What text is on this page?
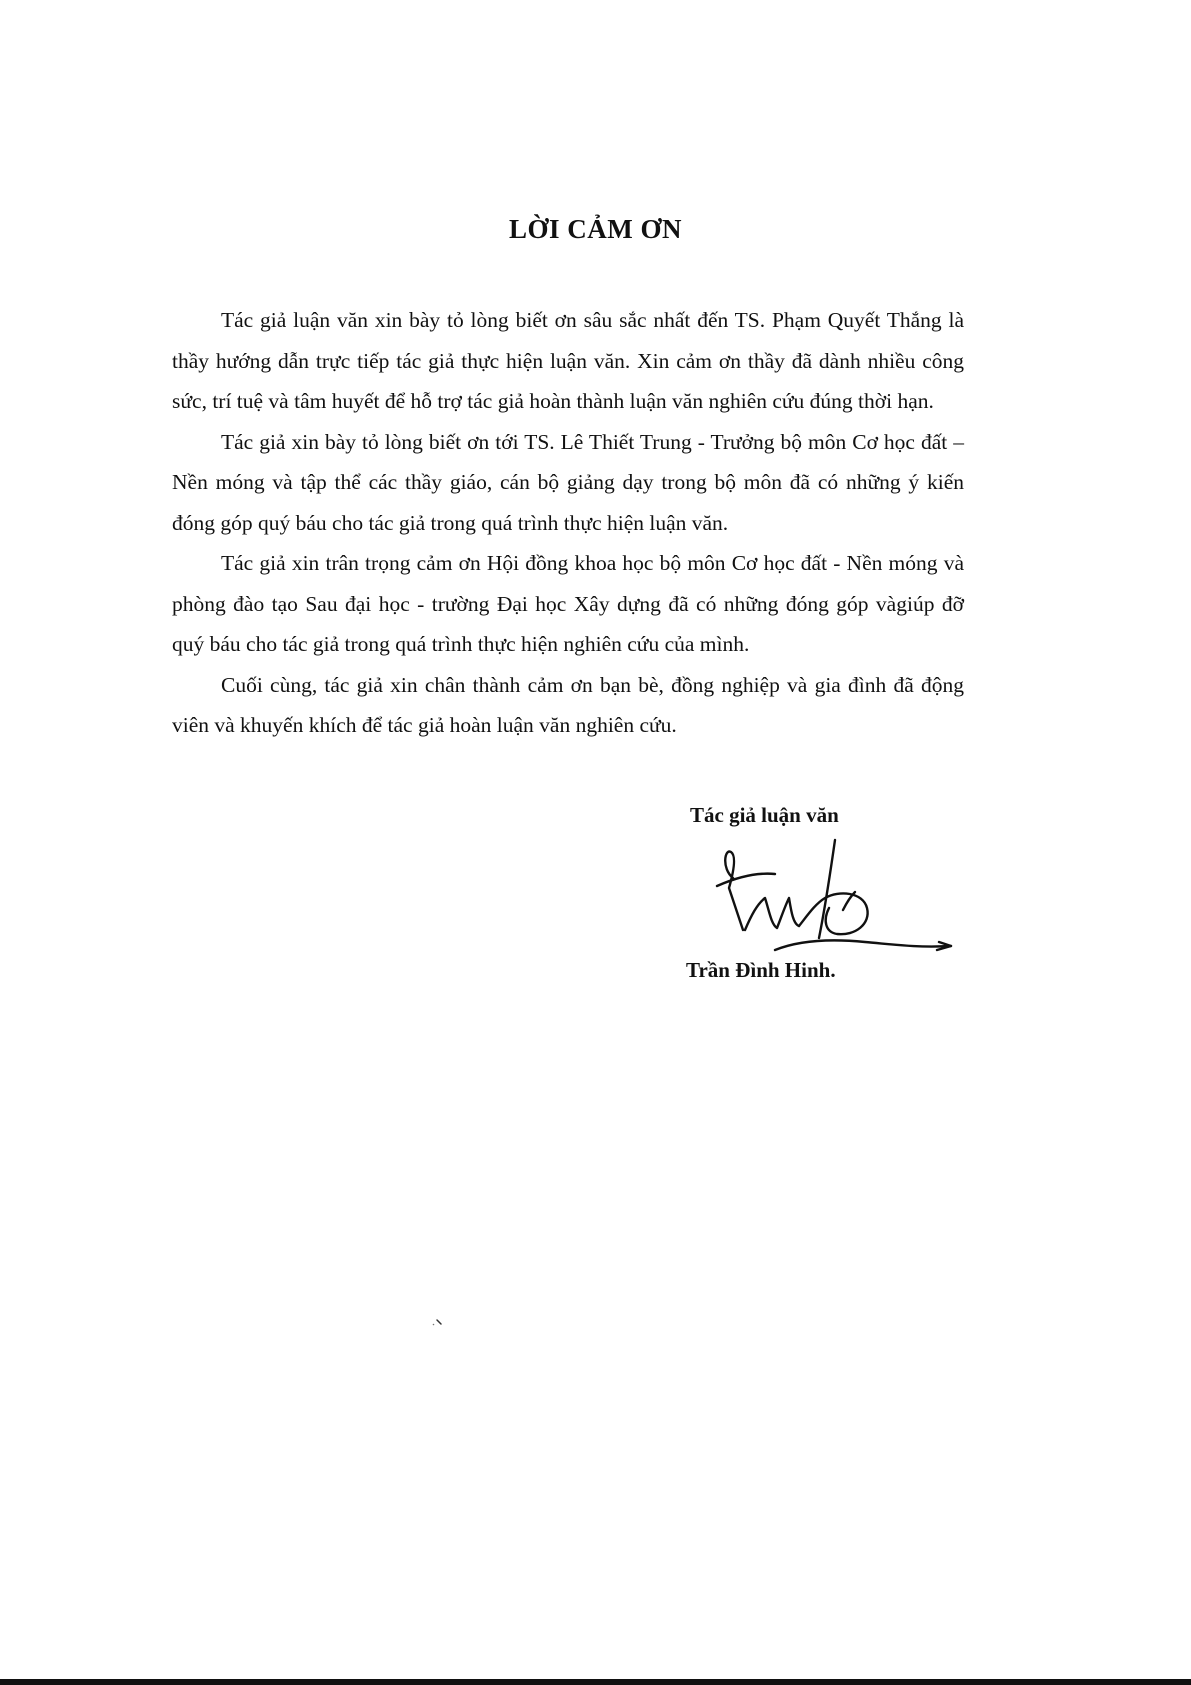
LỜI CẢM ƠN

Tác giả luận văn xin bày tỏ lòng biết ơn sâu sắc nhất đến TS. Phạm Quyết Thắng là thầy hướng dẫn trực tiếp tác giả thực hiện luận văn. Xin cảm ơn thầy đã dành nhiều công sức, trí tuệ và tâm huyết để hỗ trợ tác giả hoàn thành luận văn nghiên cứu đúng thời hạn.

Tác giả xin bày tỏ lòng biết ơn tới TS. Lê Thiết Trung - Trưởng bộ môn Cơ học đất – Nền móng và tập thể các thầy giáo, cán bộ giảng dạy trong bộ môn đã có những ý kiến đóng góp quý báu cho tác giả trong quá trình thực hiện luận văn.

Tác giả xin trân trọng cảm ơn Hội đồng khoa học bộ môn Cơ học đất - Nền móng và phòng đào tạo Sau đại học - trường Đại học Xây dựng đã có những đóng góp vàgiúp đỡ quý báu cho tác giả trong quá trình thực hiện nghiên cứu của mình.

Cuối cùng, tác giả xin chân thành cảm ơn bạn bè, đồng nghiệp và gia đình đã động viên và khuyến khích để tác giả hoàn luận văn nghiên cứu.

Tác giả luận văn
Trần Đình Hinh.
